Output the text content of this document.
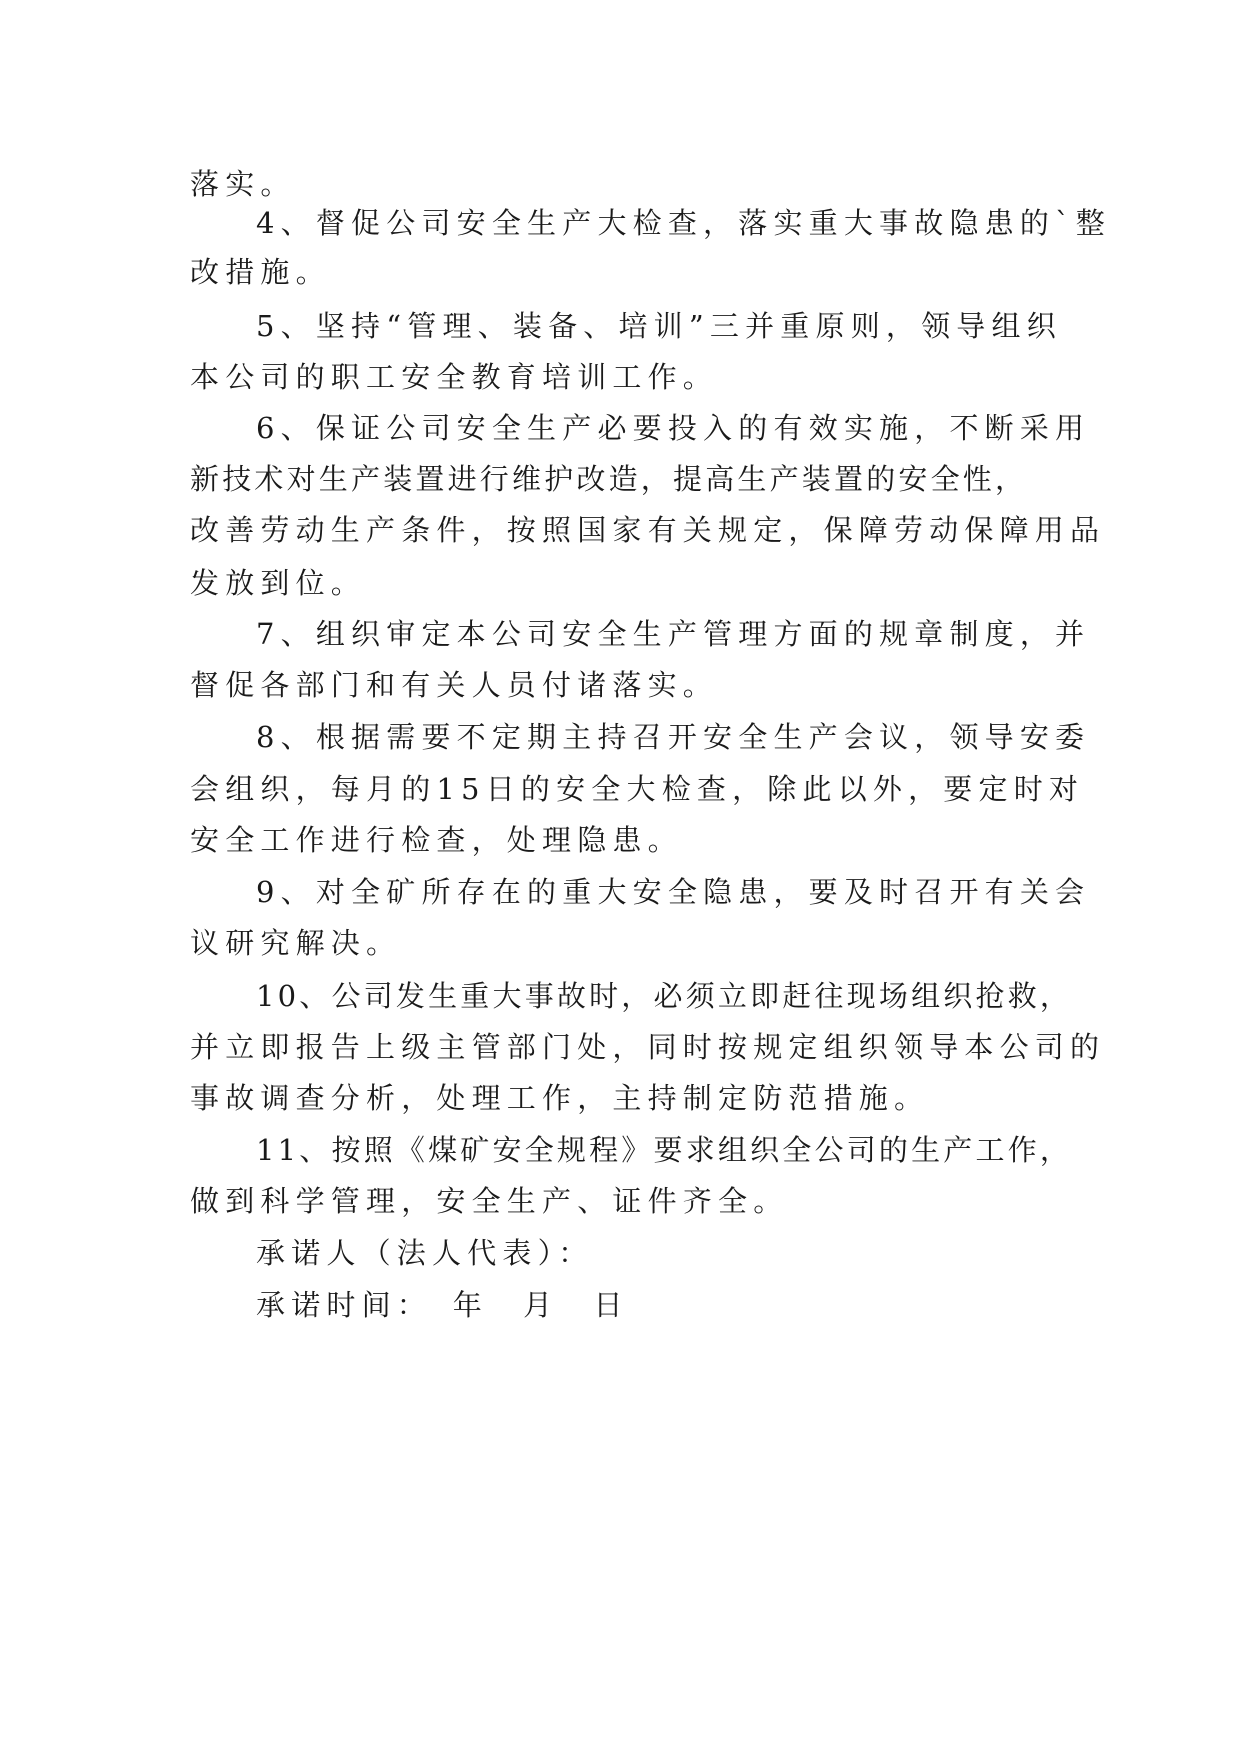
落实。
4、督促公司安全生产大检查，落实重大事故隐患的`整
改措施。
5、坚持“管理、装备、培训”三并重原则，领导组织
本公司的职工安全教育培训工作。
6、保证公司安全生产必要投入的有效实施，不断采用
新技术对生产装置进行维护改造，提高生产装置的安全性，
改善劳动生产条件，按照国家有关规定，保障劳动保障用品
发放到位。
7、组织审定本公司安全生产管理方面的规章制度，并
督促各部门和有关人员付诸落实。
8、根据需要不定期主持召开安全生产会议，领导安委
会组织，每月的15日的安全大检查，除此以外，要定时对
安全工作进行检查，处理隐患。
9、对全矿所存在的重大安全隐患，要及时召开有关会
议研究解决。
10、公司发生重大事故时，必须立即赶往现场组织抢救，
并立即报告上级主管部门处，同时按规定组织领导本公司的
事故调查分析，处理工作，主持制定防范措施。
11、按照《煤矿安全规程》要求组织全公司的生产工作，
做到科学管理，安全生产、证件齐全。
承诺人（法人代表）：
承诺时间：　年　月　日
